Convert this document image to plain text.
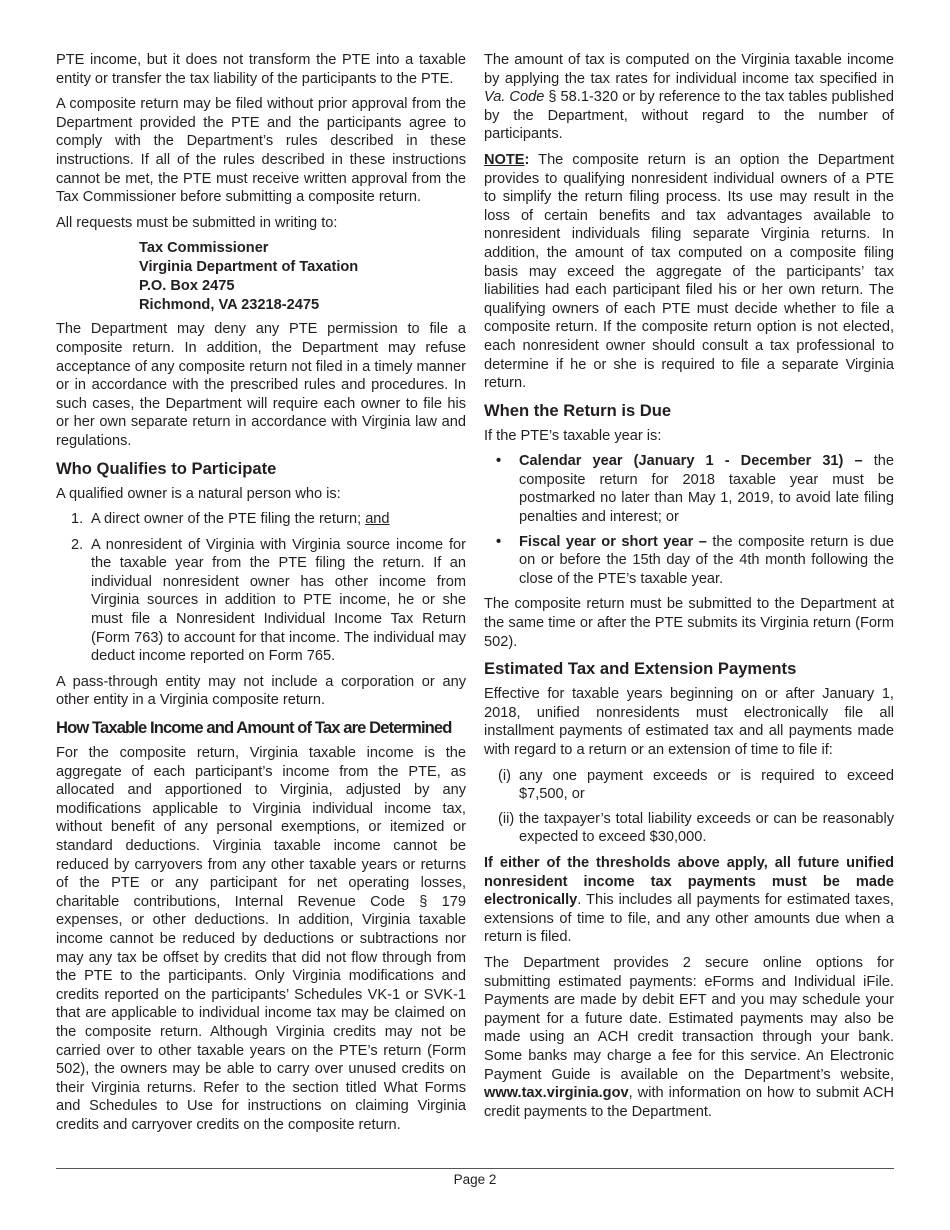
PTE income, but it does not transform the PTE into a taxable entity or transfer the tax liability of the participants to the PTE.

A composite return may be filed without prior approval from the Department provided the PTE and the participants agree to comply with the Department’s rules described in these instructions. If all of the rules described in these instructions cannot be met, the PTE must receive written approval from the Tax Commissioner before submitting a composite return.

All requests must be submitted in writing to:

Tax Commissioner
Virginia Department of Taxation
P.O. Box 2475
Richmond, VA 23218-2475

The Department may deny any PTE permission to file a composite return. In addition, the Department may refuse acceptance of any composite return not filed in a timely manner or in accordance with the prescribed rules and procedures. In such cases, the Department will require each owner to file his or her own separate return in accordance with Virginia law and regulations.

Who Qualifies to Participate

A qualified owner is a natural person who is:

1. A direct owner of the PTE filing the return; and
2. A nonresident of Virginia with Virginia source income for the taxable year from the PTE filing the return. If an individual nonresident owner has other income from Virginia sources in addition to PTE income, he or she must file a Nonresident Individual Income Tax Return (Form 763) to account for that income. The individual may deduct income reported on Form 765.

A pass-through entity may not include a corporation or any other entity in a Virginia composite return.

How Taxable Income and Amount of Tax are Determined

For the composite return, Virginia taxable income is the aggregate of each participant’s income from the PTE, as allocated and apportioned to Virginia, adjusted by any modifications applicable to Virginia individual income tax, without benefit of any personal exemptions, or itemized or standard deductions. Virginia taxable income cannot be reduced by carryovers from any other taxable years or returns of the PTE or any participant for net operating losses, charitable contributions, Internal Revenue Code § 179 expenses, or other deductions. In addition, Virginia taxable income cannot be reduced by deductions or subtractions nor may any tax be offset by credits that did not flow through from the PTE to the participants. Only Virginia modifications and credits reported on the participants’ Schedules VK-1 or SVK-1 that are applicable to individual income tax may be claimed on the composite return. Although Virginia credits may not be carried over to other taxable years on the PTE’s return (Form 502), the owners may be able to carry over unused credits on their Virginia returns. Refer to the section titled What Forms and Schedules to Use for instructions on claiming Virginia credits and carryover credits on the composite return.

The amount of tax is computed on the Virginia taxable income by applying the tax rates for individual income tax specified in Va. Code § 58.1-320 or by reference to the tax tables published by the Department, without regard to the number of participants.

NOTE: The composite return is an option the Department provides to qualifying nonresident individual owners of a PTE to simplify the return filing process. Its use may result in the loss of certain benefits and tax advantages available to nonresident individuals filing separate Virginia returns. In addition, the amount of tax computed on a composite filing basis may exceed the aggregate of the participants’ tax liabilities had each participant filed his or her own return. The qualifying owners of each PTE must decide whether to file a composite return. If the composite return option is not elected, each nonresident owner should consult a tax professional to determine if he or she is required to file a separate Virginia return.

When the Return is Due

If the PTE’s taxable year is:

• Calendar year (January 1 - December 31) – the composite return for 2018 taxable year must be postmarked no later than May 1, 2019, to avoid late filing penalties and interest; or
• Fiscal year or short year – the composite return is due on or before the 15th day of the 4th month following the close of the PTE’s taxable year.

The composite return must be submitted to the Department at the same time or after the PTE submits its Virginia return (Form 502).

Estimated Tax and Extension Payments

Effective for taxable years beginning on or after January 1, 2018, unified nonresidents must electronically file all installment payments of estimated tax and all payments made with regard to a return or an extension of time to file if:

(i) any one payment exceeds or is required to exceed $7,500, or
(ii) the taxpayer’s total liability exceeds or can be reasonably expected to exceed $30,000.

If either of the thresholds above apply, all future unified nonresident income tax payments must be made electronically. This includes all payments for estimated taxes, extensions of time to file, and any other amounts due when a return is filed.

The Department provides 2 secure online options for submitting estimated payments: eForms and Individual iFile. Payments are made by debit EFT and you may schedule your payment for a future date. Estimated payments may also be made using an ACH credit transaction through your bank. Some banks may charge a fee for this service. An Electronic Payment Guide is available on the Department’s website, www.tax.virginia.gov, with information on how to submit ACH credit payments to the Department.

Page 2
